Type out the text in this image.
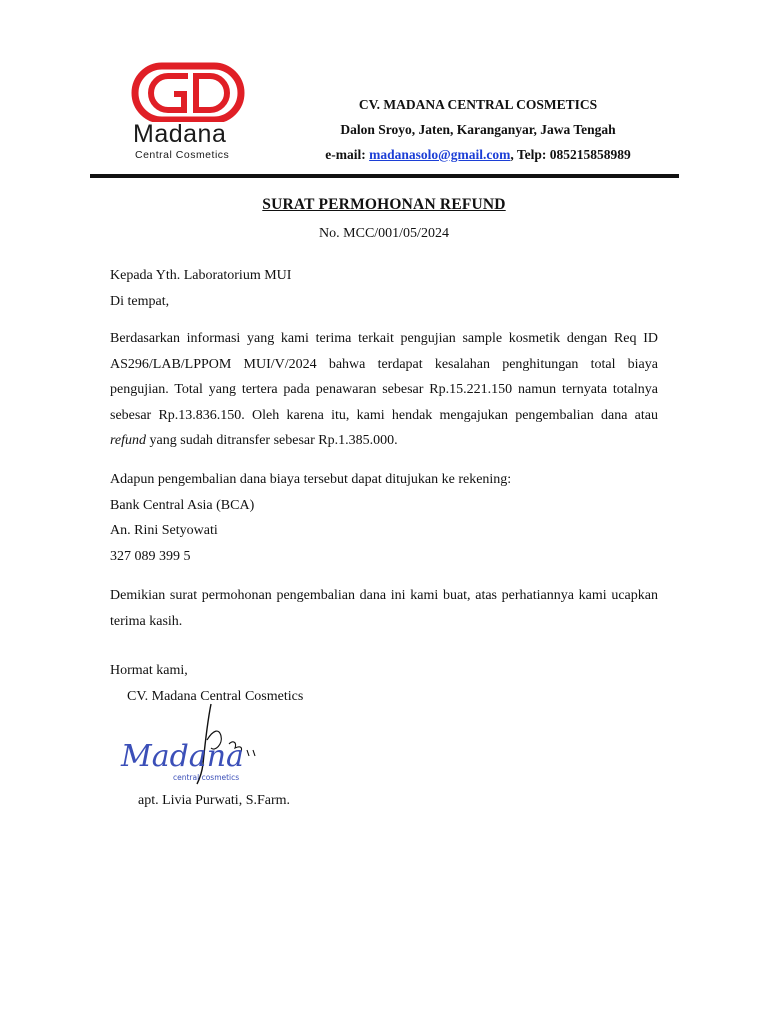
Madana
Central Cosmetics
CV. MADANA CENTRAL COSMETICS
Dalon Sroyo, Jaten, Karanganyar, Jawa Tengah
e-mail: madanasolo@gmail.com, Telp: 085215858989
SURAT PERMOHONAN REFUND
No. MCC/001/05/2024
Kepada Yth. Laboratorium MUI
Di tempat,
Berdasarkan informasi yang kami terima terkait pengujian sample kosmetik dengan Req ID AS296/LAB/LPPOM MUI/V/2024 bahwa terdapat kesalahan penghitungan total biaya pengujian. Total yang tertera pada penawaran sebesar Rp.15.221.150 namun ternyata totalnya sebesar Rp.13.836.150. Oleh karena itu, kami hendak mengajukan pengembalian dana atau refund yang sudah ditransfer sebesar Rp.1.385.000.
Adapun pengembalian dana biaya tersebut dapat ditujukan ke rekening:
Bank Central Asia (BCA)
An. Rini Setyowati
327 089 399 5
Demikian surat permohonan pengembalian dana ini kami buat, atas perhatiannya kami ucapkan terima kasih.
Hormat kami,
CV. Madana Central Cosmetics
Madana
central cosmetics
apt. Livia Purwati, S.Farm.
